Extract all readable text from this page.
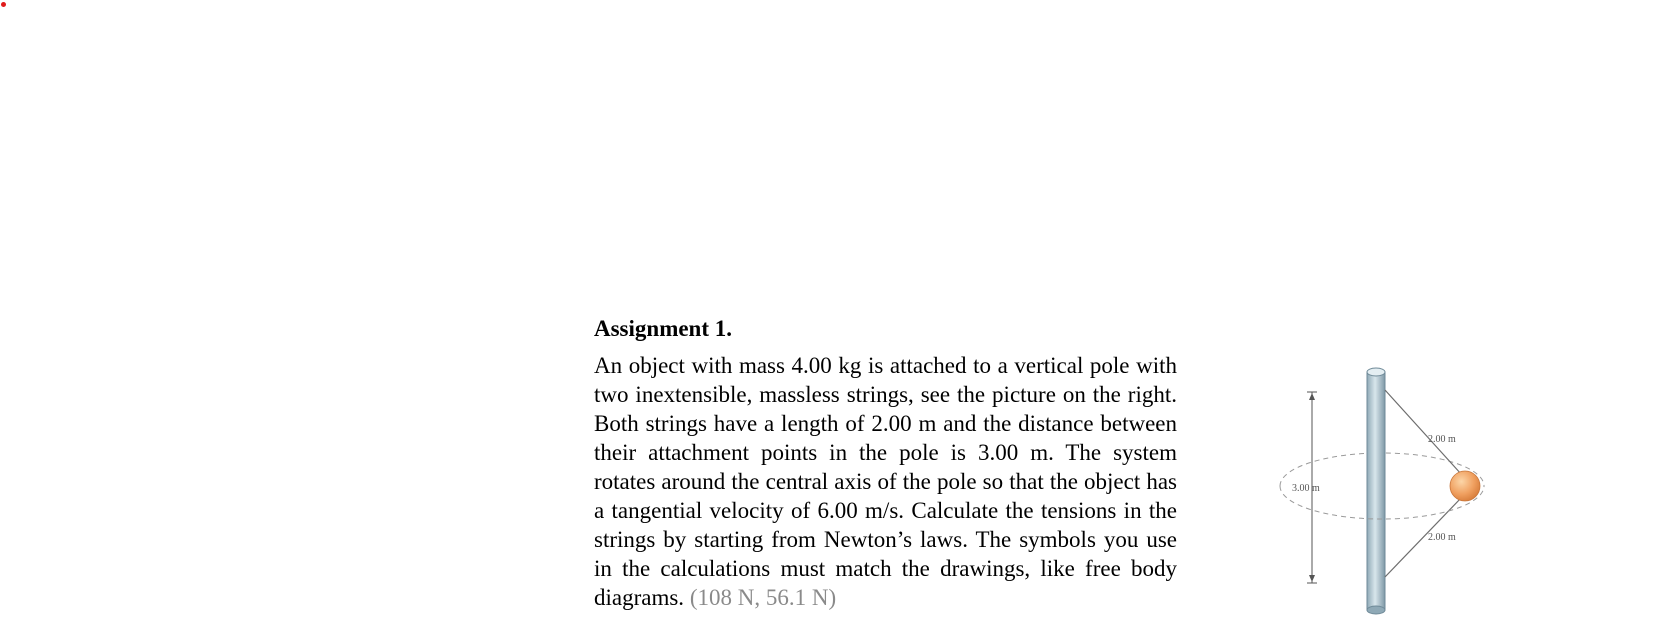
Assignment 1.

An object with mass 4.00 kg is attached to a vertical pole with two inextensible, massless strings, see the picture on the right. Both strings have a length of 2.00 m and the distance between their attachment points in the pole is 3.00 m. The system rotates around the central axis of the pole so that the object has a tangential velocity of 6.00 m/s. Calculate the tensions in the strings by starting from Newton’s laws. The symbols you use in the calculations must match the drawings, like free body diagrams. (108 N, 56.1 N)

2.00 m
2.00 m
3.00 m
